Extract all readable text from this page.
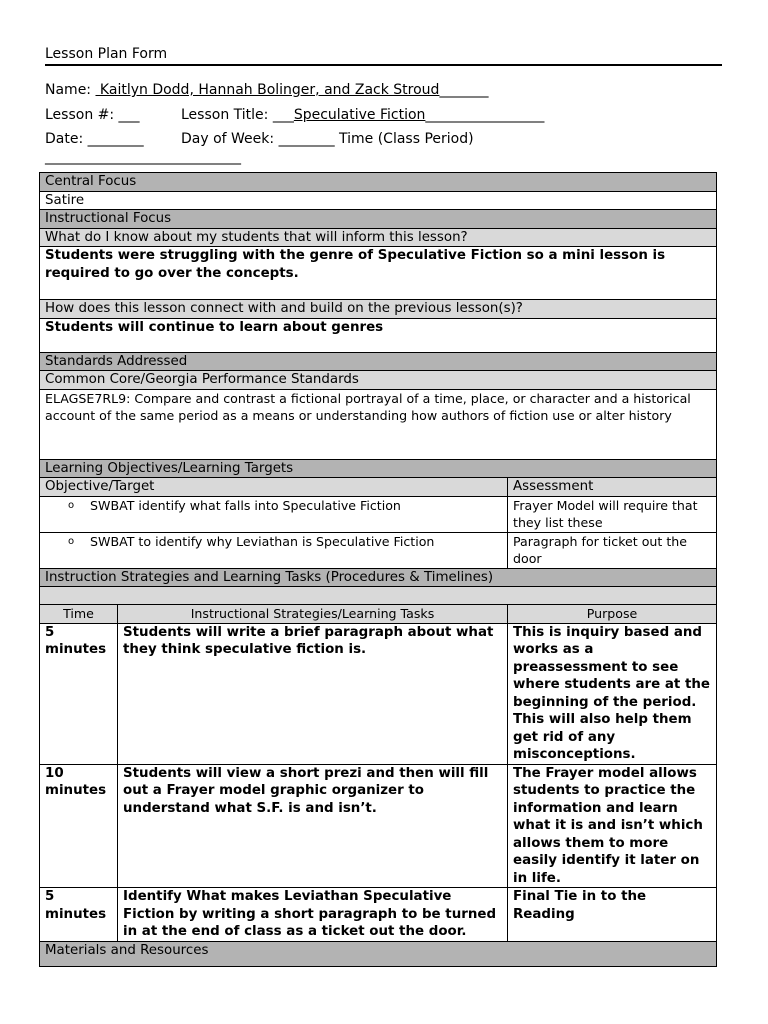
Lesson Plan Form
Name:  Kaitlyn Dodd, Hannah Bolinger, and Zack Stroud_______
Lesson #: ___	Lesson Title: ___Speculative Fiction_________________
Date: ________	Day of Week: ________ Time (Class Period)
____________________________
Central Focus		
Satire		
Instructional Focus		
What do I know about my students that will inform this lesson?		
Students were struggling with the genre of Speculative Fiction so a mini lesson is required to go over the concepts.		
How does this lesson connect with and build on the previous lesson(s)?		
Students will continue to learn about genres		
Standards Addressed		
Common Core/Georgia Performance Standards		
ELAGSE7RL9: Compare and contrast a fictional portrayal of a time, place, or character and a historical account of the same period as a means or understanding how authors of fiction use or alter history		
Learning Objectives/Learning Targets		
Objective/Target		Assessment
o SWBAT identify what falls into Speculative Fiction		Frayer Model will require that they list these
o SWBAT to identify why Leviathan is Speculative Fiction		Paragraph for ticket out the door
Instruction Strategies and Learning Tasks (Procedures & Timelines)		

Time	Instructional Strategies/Learning Tasks	Purpose
5 minutes	Students will write a brief paragraph about what they think speculative fiction is.	This is inquiry based and works as a preassessment to see where students are at the beginning of the period. This will also help them get rid of any misconceptions.
10 minutes	Students will view a short prezi and then will fill out a Frayer model graphic organizer to understand what S.F. is and isn’t.	The Frayer model allows students to practice the information and learn what it is and isn’t which allows them to more easily identify it later on in life.
5 minutes	Identify What makes Leviathan Speculative Fiction by writing a short paragraph to be turned in at the end of class as a ticket out the door.	Final Tie in to the Reading
Materials and Resources		
